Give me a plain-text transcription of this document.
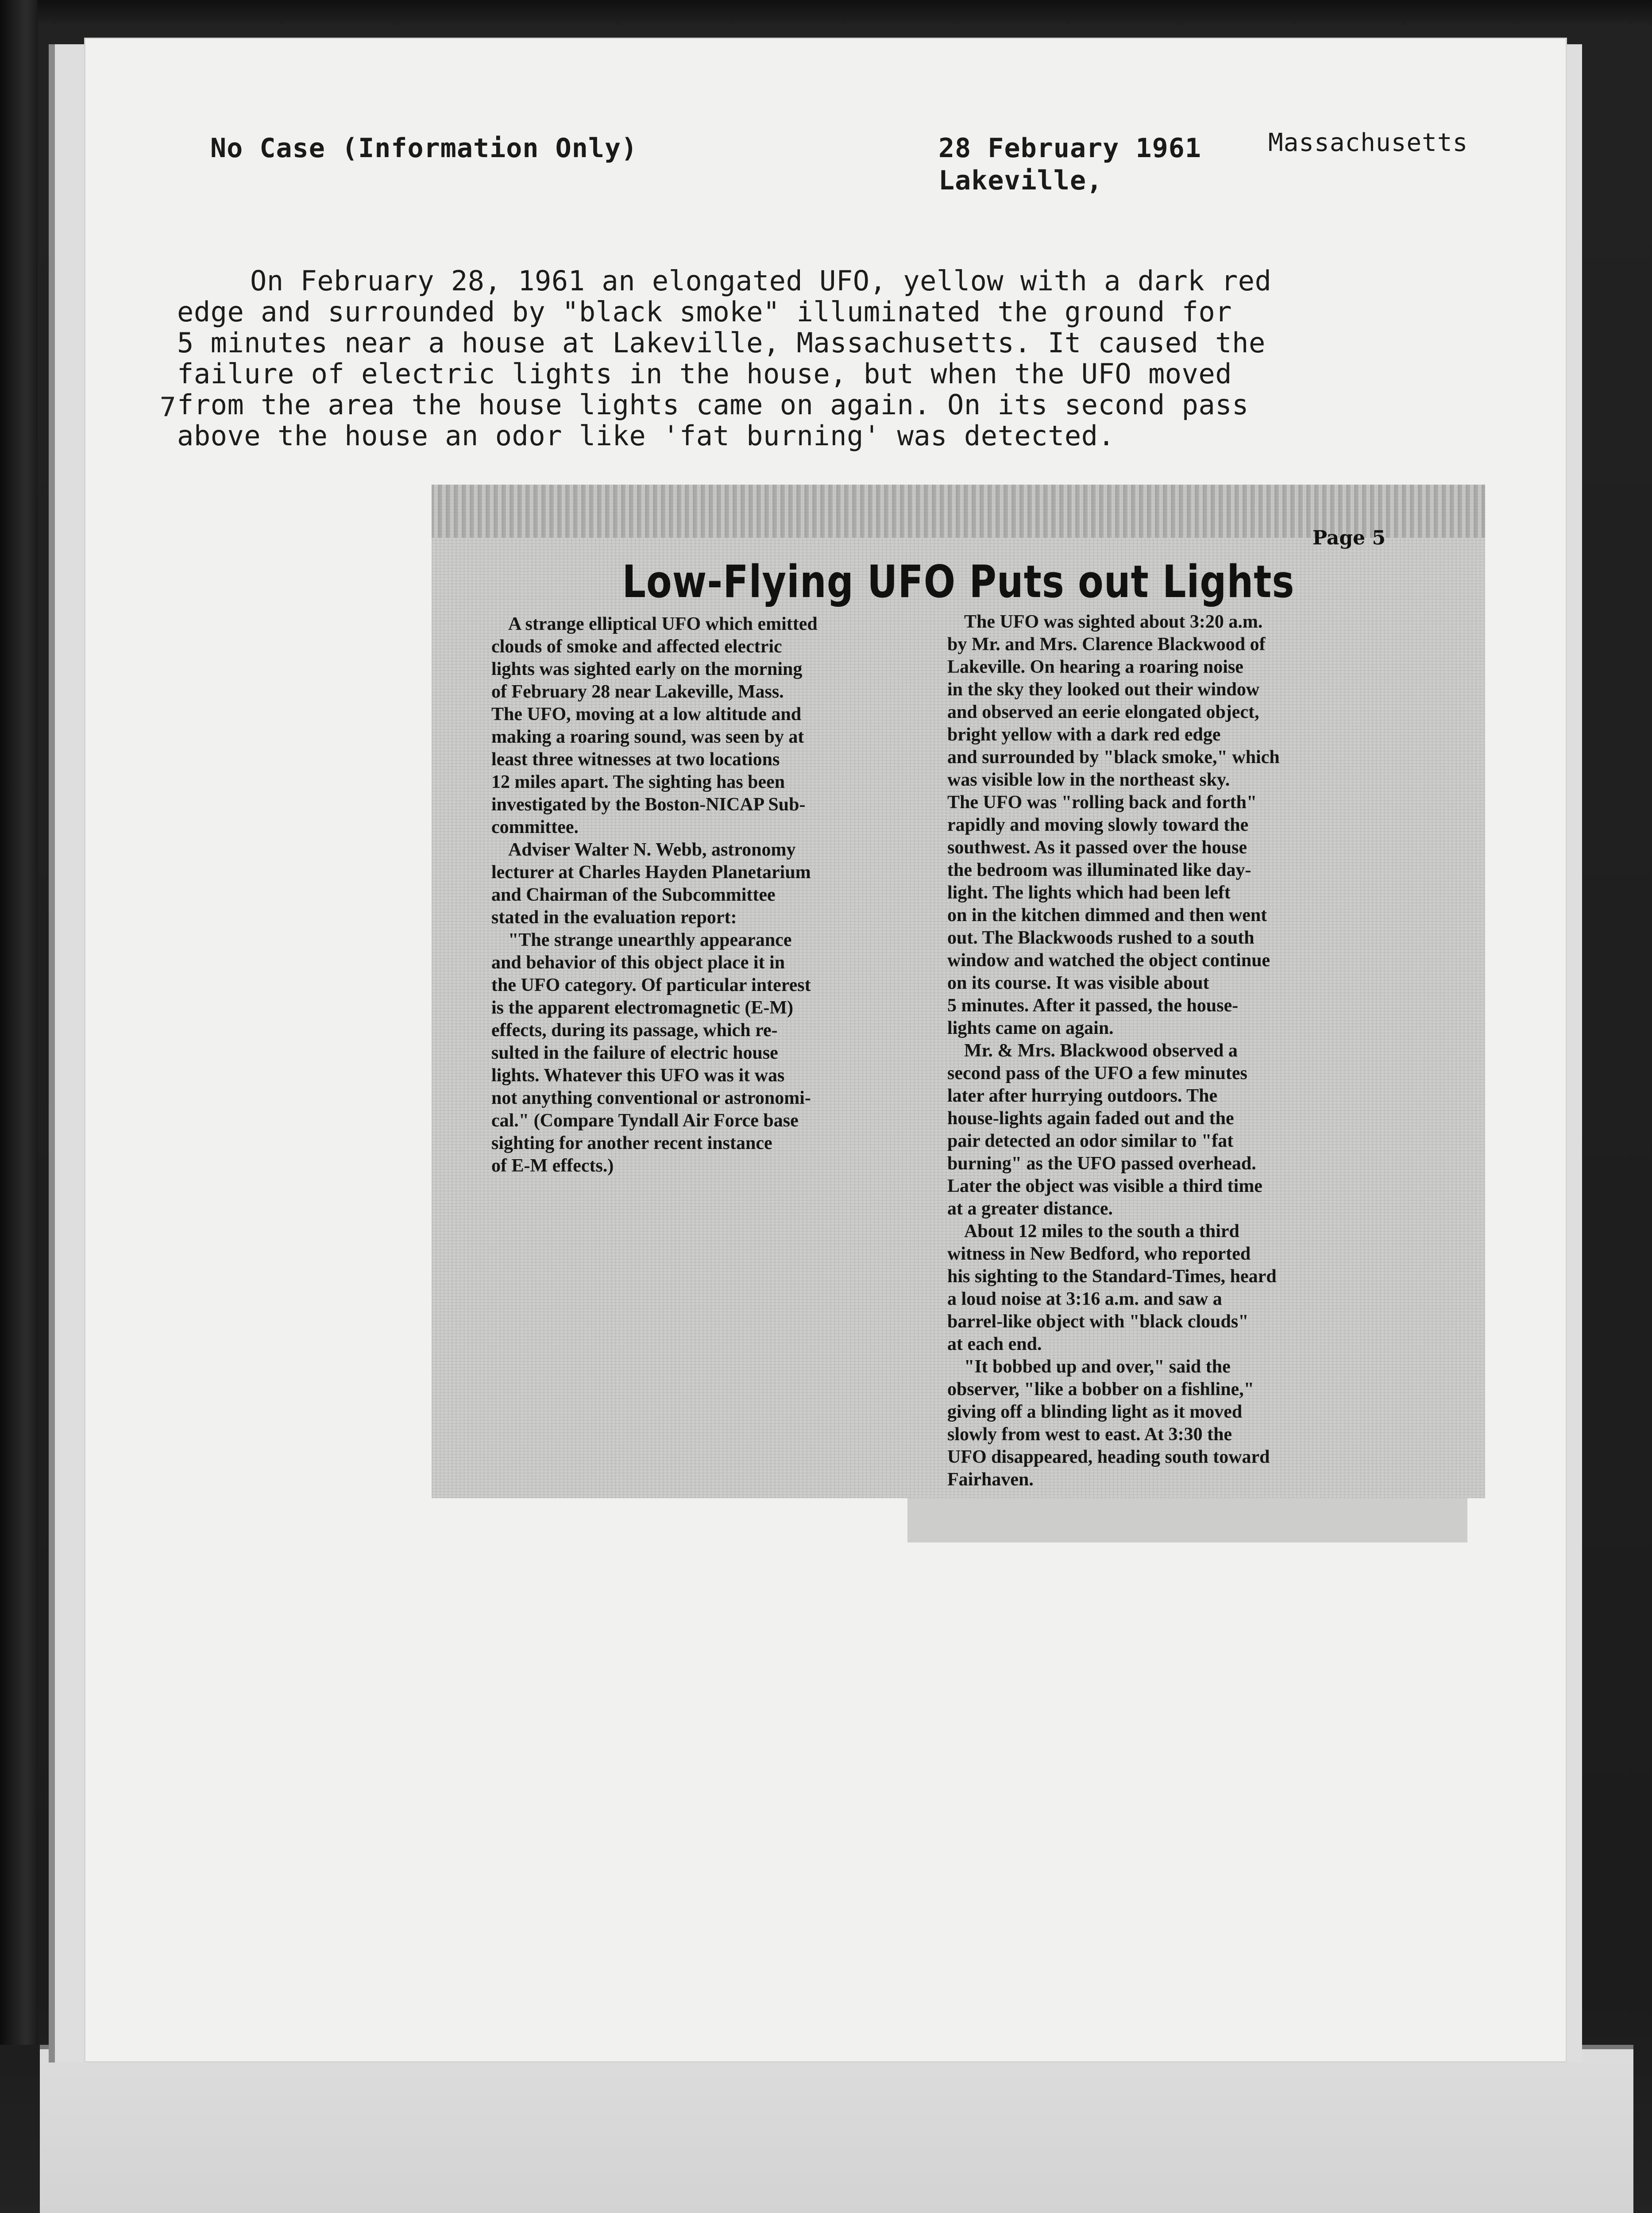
No Case (Information Only)	28 February 1961	Massachusetts
Lakeville,
7
On February 28, 1961 an elongated UFO, yellow with a dark red
edge and surrounded by "black smoke" illuminated the ground for
5 minutes near a house at Lakeville, Massachusetts. It caused the
failure of electric lights in the house, but when the UFO moved
from the area the house lights came on again. On its second pass
above the house an odor like 'fat burning' was detected.
Page 5
Low-Flying UFO Puts out Lights
A strange elliptical UFO which emitted
clouds of smoke and affected electric
lights was sighted early on the morning
of February 28 near Lakeville, Mass.
The UFO, moving at a low altitude and
making a roaring sound, was seen by at
least three witnesses at two locations
12 miles apart. The sighting has been
investigated by the Boston-NICAP Sub-
committee.
Adviser Walter N. Webb, astronomy
lecturer at Charles Hayden Planetarium
and Chairman of the Subcommittee
stated in the evaluation report:
"The strange unearthly appearance
and behavior of this object place it in
the UFO category. Of particular interest
is the apparent electromagnetic (E-M)
effects, during its passage, which re-
sulted in the failure of electric house
lights. Whatever this UFO was it was
not anything conventional or astronomi-
cal." (Compare Tyndall Air Force base
sighting for another recent instance
of E-M effects.)
The UFO was sighted about 3:20 a.m.
by Mr. and Mrs. Clarence Blackwood of
Lakeville. On hearing a roaring noise
in the sky they looked out their window
and observed an eerie elongated object,
bright yellow with a dark red edge
and surrounded by "black smoke," which
was visible low in the northeast sky.
The UFO was "rolling back and forth"
rapidly and moving slowly toward the
southwest. As it passed over the house
the bedroom was illuminated like day-
light. The lights which had been left
on in the kitchen dimmed and then went
out. The Blackwoods rushed to a south
window and watched the object continue
on its course. It was visible about
5 minutes. After it passed, the house-
lights came on again.
Mr. & Mrs. Blackwood observed a
second pass of the UFO a few minutes
later after hurrying outdoors. The
house-lights again faded out and the
pair detected an odor similar to "fat
burning" as the UFO passed overhead.
Later the object was visible a third time
at a greater distance.
About 12 miles to the south a third
witness in New Bedford, who reported
his sighting to the Standard-Times, heard
a loud noise at 3:16 a.m. and saw a
barrel-like object with "black clouds"
at each end.
"It bobbed up and over," said the
observer, "like a bobber on a fishline,"
giving off a blinding light as it moved
slowly from west to east. At 3:30 the
UFO disappeared, heading south toward
Fairhaven.
